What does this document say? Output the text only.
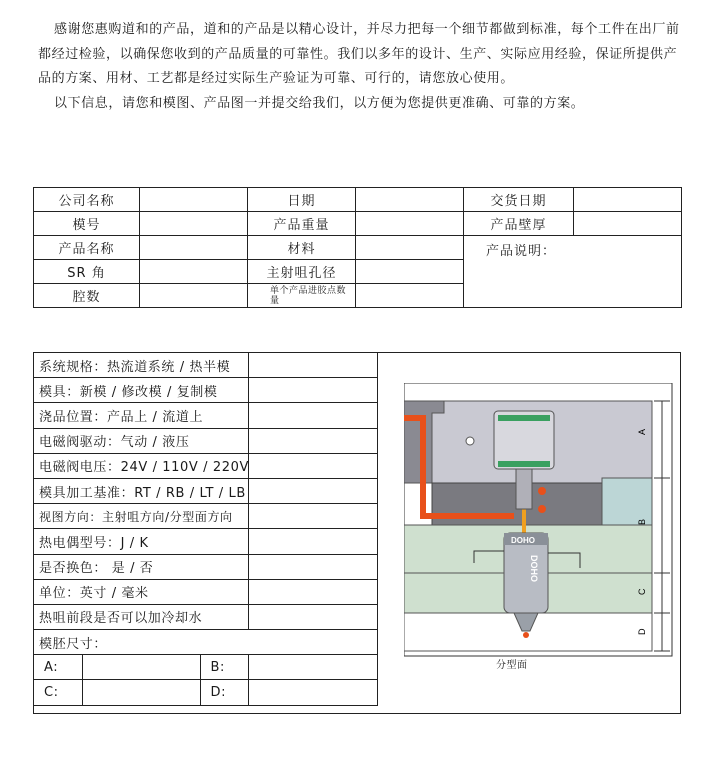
感谢您惠购道和的产品，道和的产品是以精心设计，并尽力把每一个细节都做到标准，每个工件在出厂前都经过检验，以确保您收到的产品质量的可靠性。我们以多年的设计、生产、实际应用经验，保证所提供产品的方案、用材、工艺都是经过实际生产验证为可靠、可行的，请您放心使用。

以下信息，请您和模图、产品图一并提交给我们，以方便为您提供更准确、可靠的方案。

公司名称		日期		交货日期	
模号		产品重量		产品壁厚	
产品名称		材料		产品说明：	
SR 角		主射咀孔径			
腔数		单个产品进胶点数量			
系统规格：热流道系统 / 热半模			
模具：新模 / 修改模 / 复制模			
浇品位置：产品上 / 流道上			
电磁阀驱动：气动 / 液压			
电磁阀电压：24V / 110V / 220V			
模具加工基准：RT / RB / LT / LB			
视图方向：主射咀方向/分型面方向			
热电偶型号：J / K			
是否换色： 是 / 否			
单位：英寸 / 毫米			
热咀前段是否可以加冷却水			
模胚尺寸：			
A:		B:	
C:		D:	
DOHO
DOHO
A
B
C
D
分型面
